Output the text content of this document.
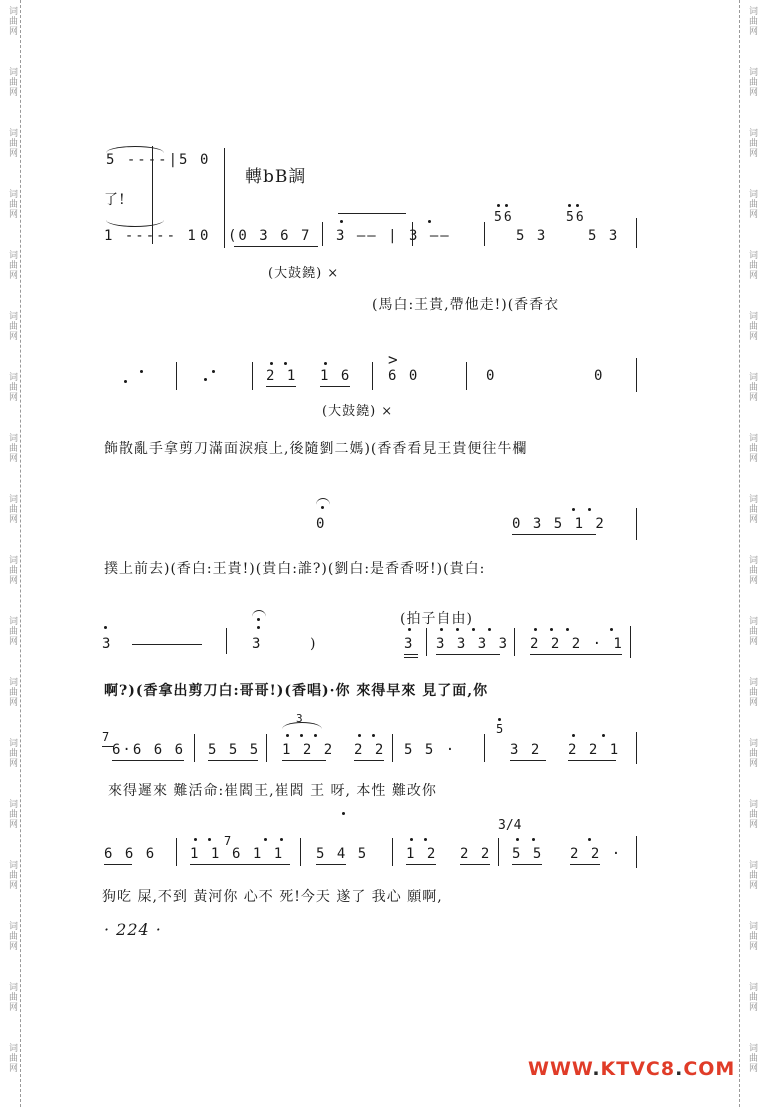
词曲网
词曲网
词曲网
词曲网
词曲网
词曲网
词曲网
词曲网
词曲网
词曲网
词曲网
词曲网
词曲网
词曲网
词曲网
词曲网
词曲网
词曲网
词曲网
词曲网
词曲网
词曲网
词曲网
词曲网
词曲网
词曲网
词曲网
词曲网
词曲网
词曲网
词曲网
词曲网
词曲网
词曲网
词曲网
词曲网
5 ----|5 0
了!
1 ----- 1 0
轉bB調
(0 3 6 7 3 —— | 3 ——
56
5 3
56
5 3
(大鼓鐃) ×
(馬白:王貴,帶他走!)(香香衣
2 1 1 6
>
6 0	0	0
(大鼓鐃) ×
飾散亂手拿剪刀滿面淚痕上,後隨劉二媽)(香香看見王貴便往牛欄
0	0 3 5 1 2
撲上前去)(香白:王貴!)(貴白:誰?)(劉白:是香香呀!)(貴白:
3	3	)
(拍子自由)
3 3 3 3 3 2 2 2 · 1
啊?)(香拿出剪刀白:哥哥!)(香唱)·你 來得早來 見了面,你
7
6·6 6 6 5 5 5
3
1 2 2 2 2 5 5 ·
5
3 2 2 2 1
來得遲來 難活命:崔閻王,崔閻 王 呀, 本性 難改你
6 6 6 1 1
7
6 1 1 5 4 5	1 2 2 2
3/4
5 5 2 2 ·
狗吃 屎,不到 黃河你 心不 死!今天 遂了 我心 願啊,
· 224 ·
WWW.KTVC8.COM
